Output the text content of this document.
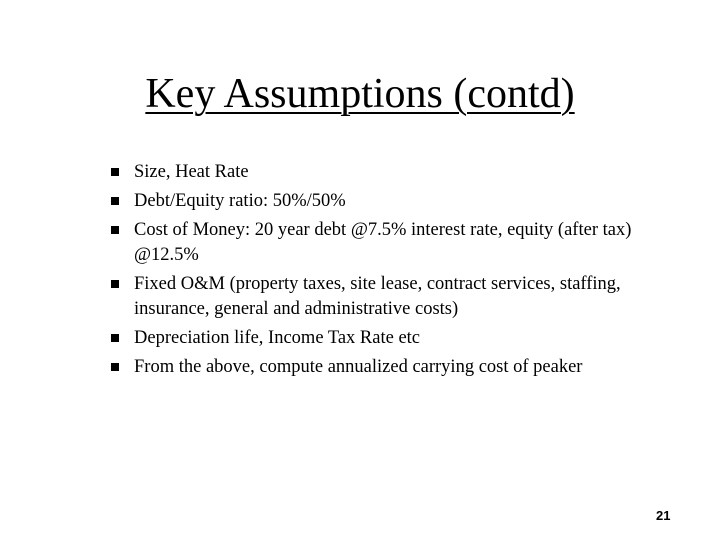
Key Assumptions (contd)
Size, Heat Rate
Debt/Equity ratio: 50%/50%
Cost of Money: 20 year debt @7.5% interest rate, equity (after tax) @12.5%
Fixed O&M (property taxes, site lease, contract services, staffing, insurance, general and administrative costs)
Depreciation life, Income Tax Rate etc
From the above, compute annualized carrying cost of peaker
21
